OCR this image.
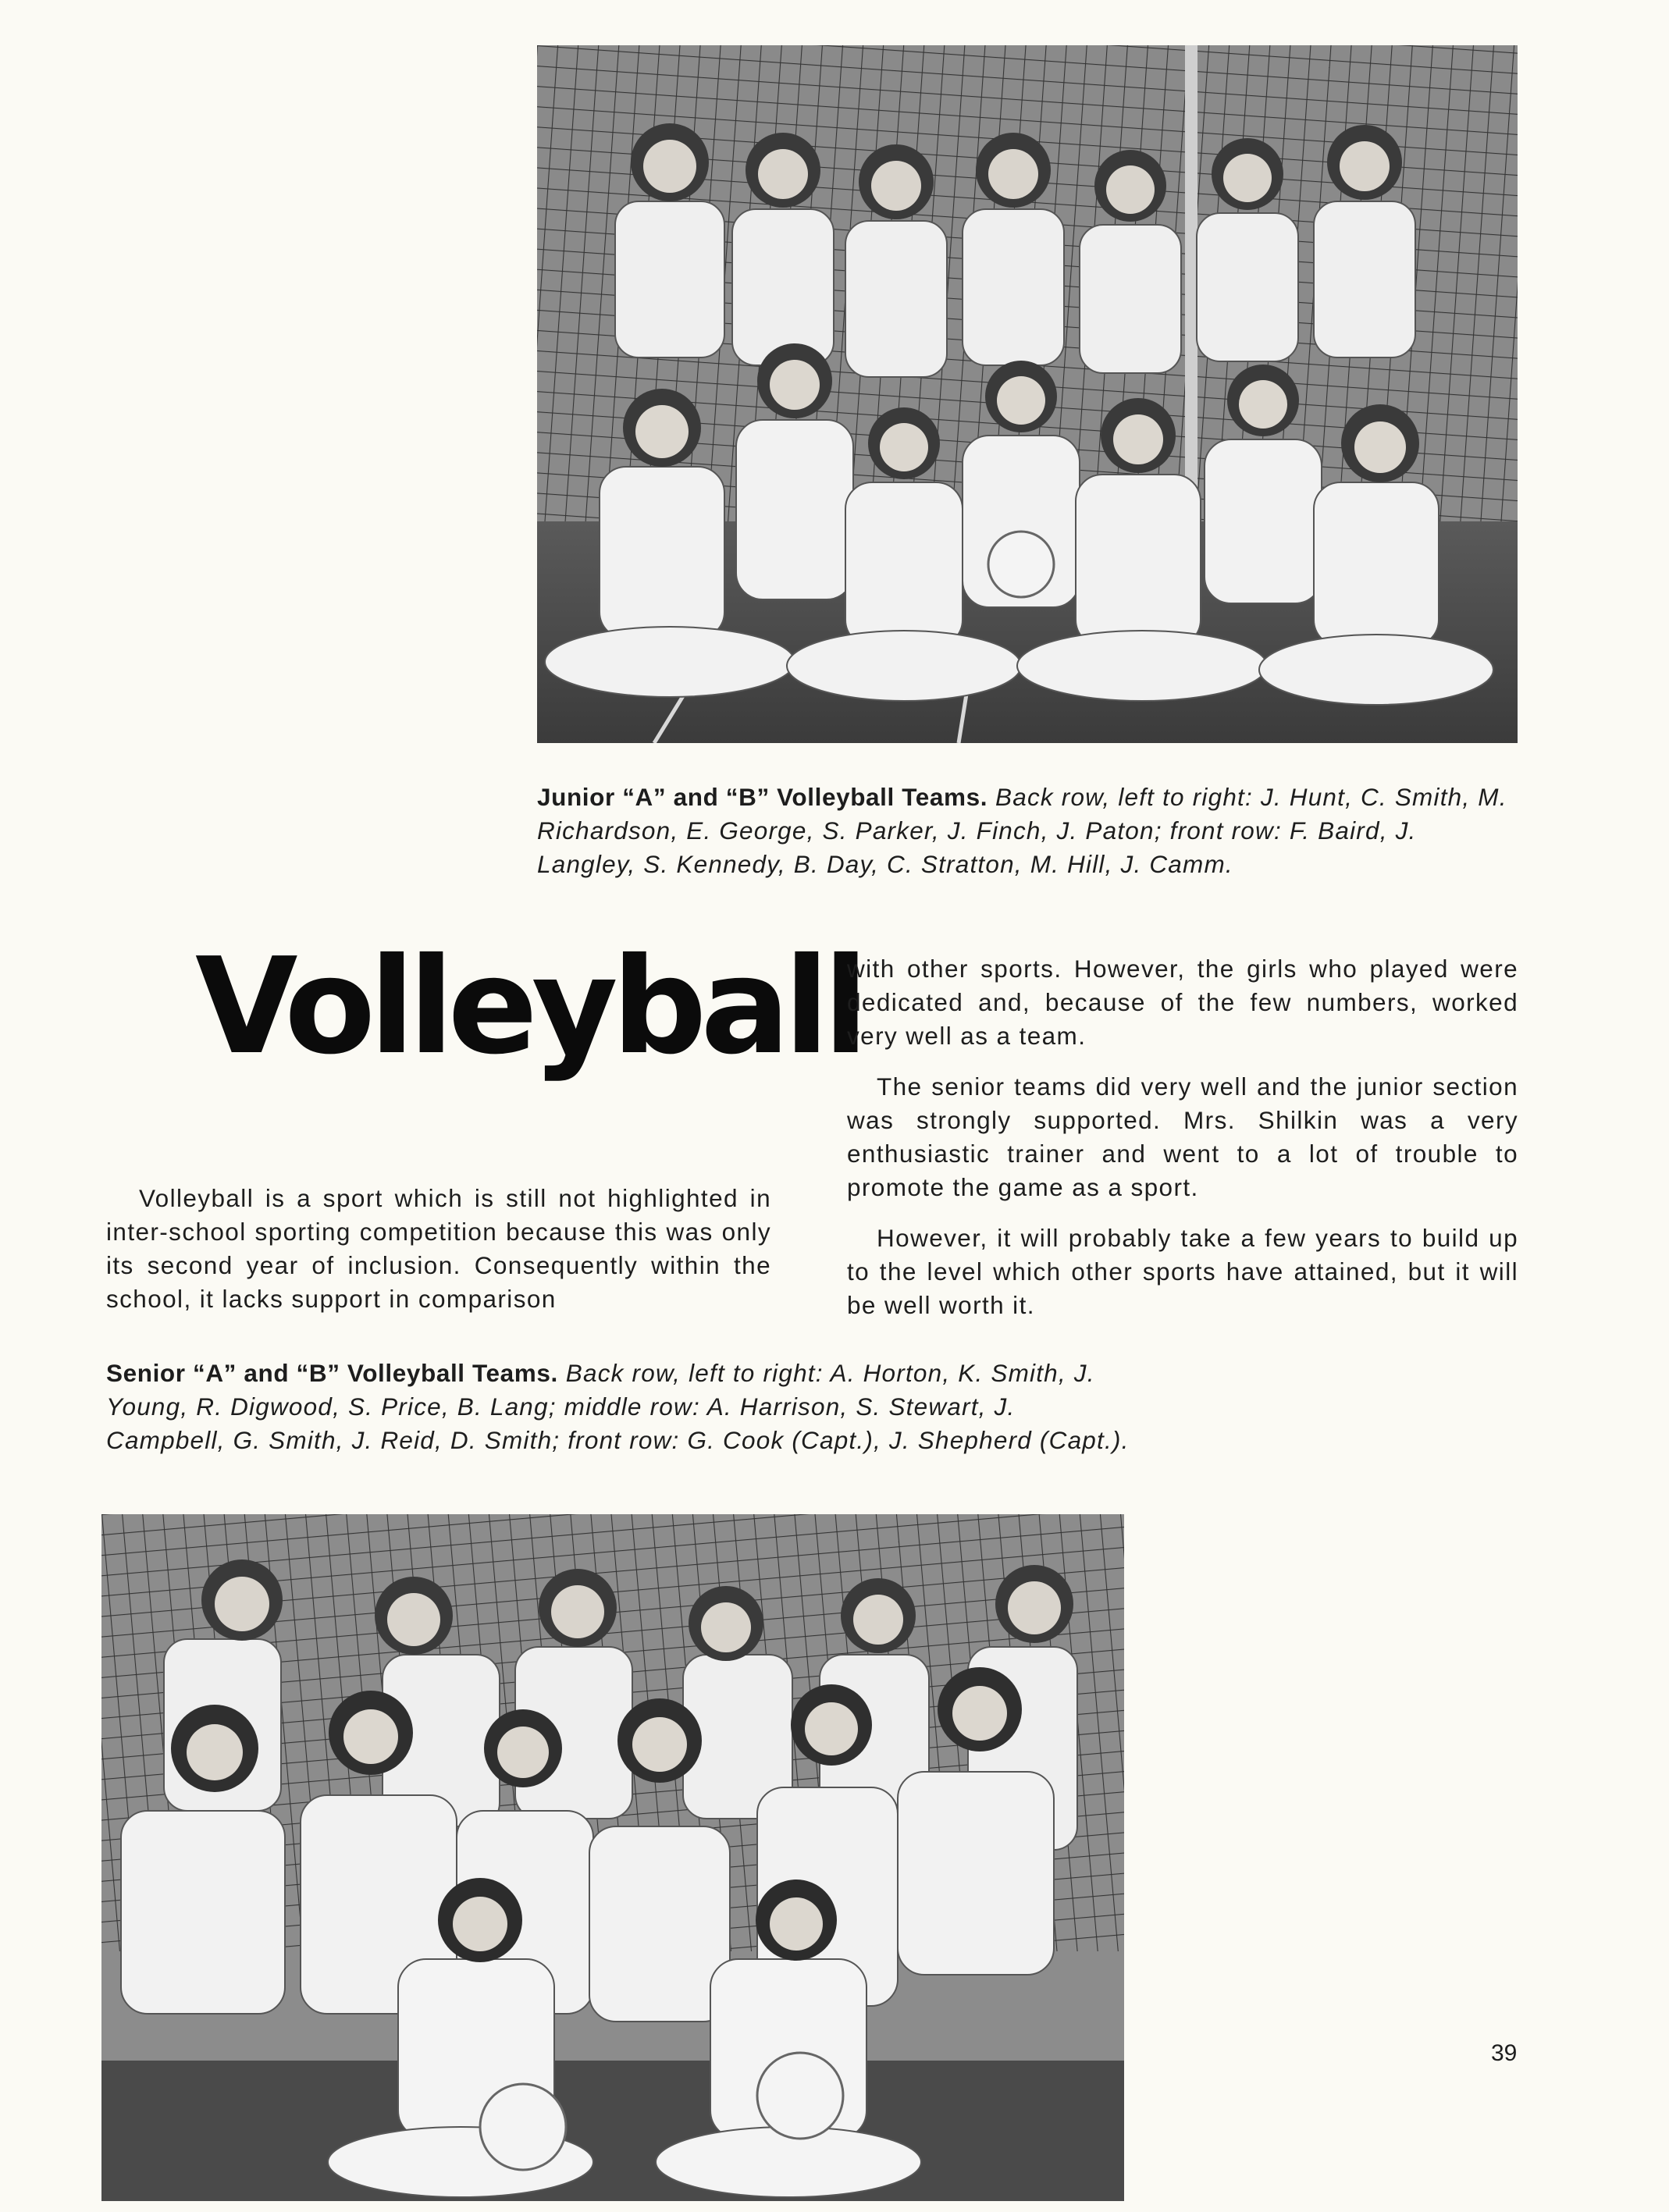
Junior “A” and “B” Volleyball Teams. Back row, left to right: J. Hunt, C. Smith, M. Richardson, E. George, S. Parker, J. Finch, J. Paton; front row: F. Baird, J. Langley, S. Kennedy, B. Day, C. Stratton, M. Hill, J. Camm.
Volleyball

Volleyball is a sport which is still not highlighted in inter-school sporting competition because this was only its second year of inclusion. Consequently within the school, it lacks support in comparison

with other sports. However, the girls who played were dedicated and, because of the few numbers, worked very well as a team.

The senior teams did very well and the junior section was strongly supported. Mrs. Shilkin was a very enthusiastic trainer and went to a lot of trouble to promote the game as a sport.

However, it will probably take a few years to build up to the level which other sports have attained, but it will be well worth it.

Senior “A” and “B” Volleyball Teams. Back row, left to right: A. Horton, K. Smith, J. Young, R. Digwood, S. Price, B. Lang; middle row: A. Harrison, S. Stewart, J. Campbell, G. Smith, J. Reid, D. Smith; front row: G. Cook (Capt.), J. Shepherd (Capt.).
39
